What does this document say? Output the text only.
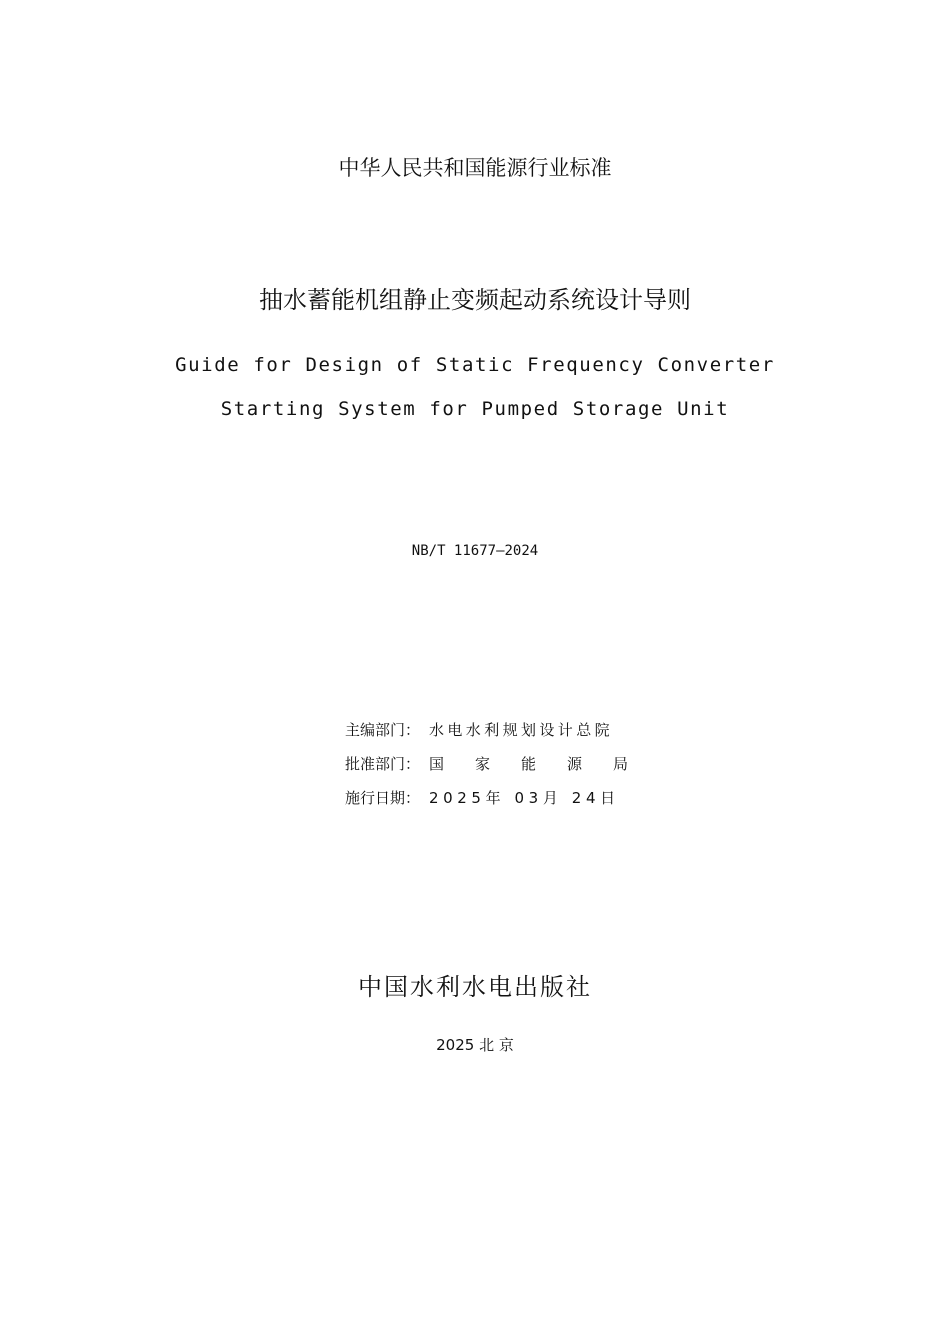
中华人民共和国能源行业标准
抽水蓄能机组静止变频起动系统设计导则
Guide for Design of Static Frequency Converter
Starting System for Pumped Storage Unit
NB/T 11677—2024
主编部门： 水电水利规划设计总院
批准部门： 国家能源局
施行日期： 2025年 03月 24日
中国水利水电出版社
2025 北 京
